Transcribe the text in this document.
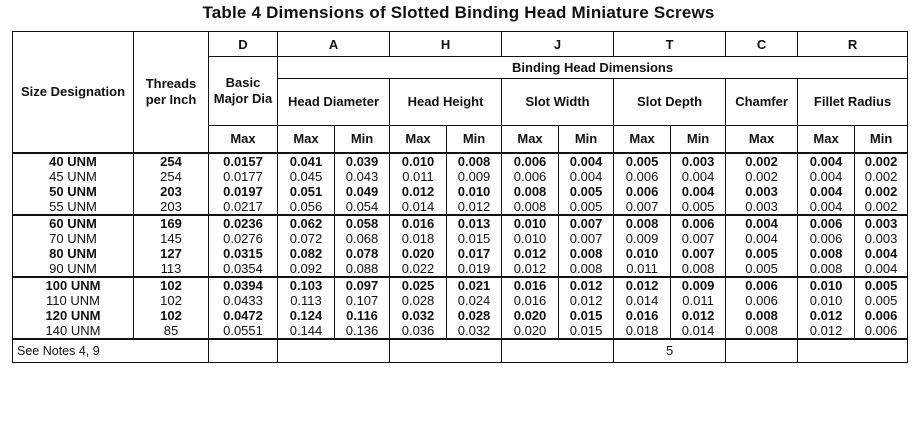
Table 4 Dimensions of Slotted Binding Head Miniature Screws
Size Designation	Threads per Inch	D	A		H		J		T		C	R	
		Basic Major Dia	Binding Head Dimensions										
			Head Diameter		Head Height		Slot Width		Slot Depth		Chamfer	Fillet Radius	
		Max	Max	Min	Max	Min	Max	Min	Max	Min	Max	Max	Min
40 UNM	254	0.0157	0.041	0.039	0.010	0.008	0.006	0.004	0.005	0.003	0.002	0.004	0.002
45 UNM	254	0.0177	0.045	0.043	0.011	0.009	0.006	0.004	0.006	0.004	0.002	0.004	0.002
50 UNM	203	0.0197	0.051	0.049	0.012	0.010	0.008	0.005	0.006	0.004	0.003	0.004	0.002
55 UNM	203	0.0217	0.056	0.054	0.014	0.012	0.008	0.005	0.007	0.005	0.003	0.004	0.002
60 UNM	169	0.0236	0.062	0.058	0.016	0.013	0.010	0.007	0.008	0.006	0.004	0.006	0.003
70 UNM	145	0.0276	0.072	0.068	0.018	0.015	0.010	0.007	0.009	0.007	0.004	0.006	0.003
80 UNM	127	0.0315	0.082	0.078	0.020	0.017	0.012	0.008	0.010	0.007	0.005	0.008	0.004
90 UNM	113	0.0354	0.092	0.088	0.022	0.019	0.012	0.008	0.011	0.008	0.005	0.008	0.004
100 UNM	102	0.0394	0.103	0.097	0.025	0.021	0.016	0.012	0.012	0.009	0.006	0.010	0.005
110 UNM	102	0.0433	0.113	0.107	0.028	0.024	0.016	0.012	0.014	0.011	0.006	0.010	0.005
120 UNM	102	0.0472	0.124	0.116	0.032	0.028	0.020	0.015	0.016	0.012	0.008	0.012	0.006
140 UNM	85	0.0551	0.144	0.136	0.036	0.032	0.020	0.015	0.018	0.014	0.008	0.012	0.006
See Notes 4, 9									5				
